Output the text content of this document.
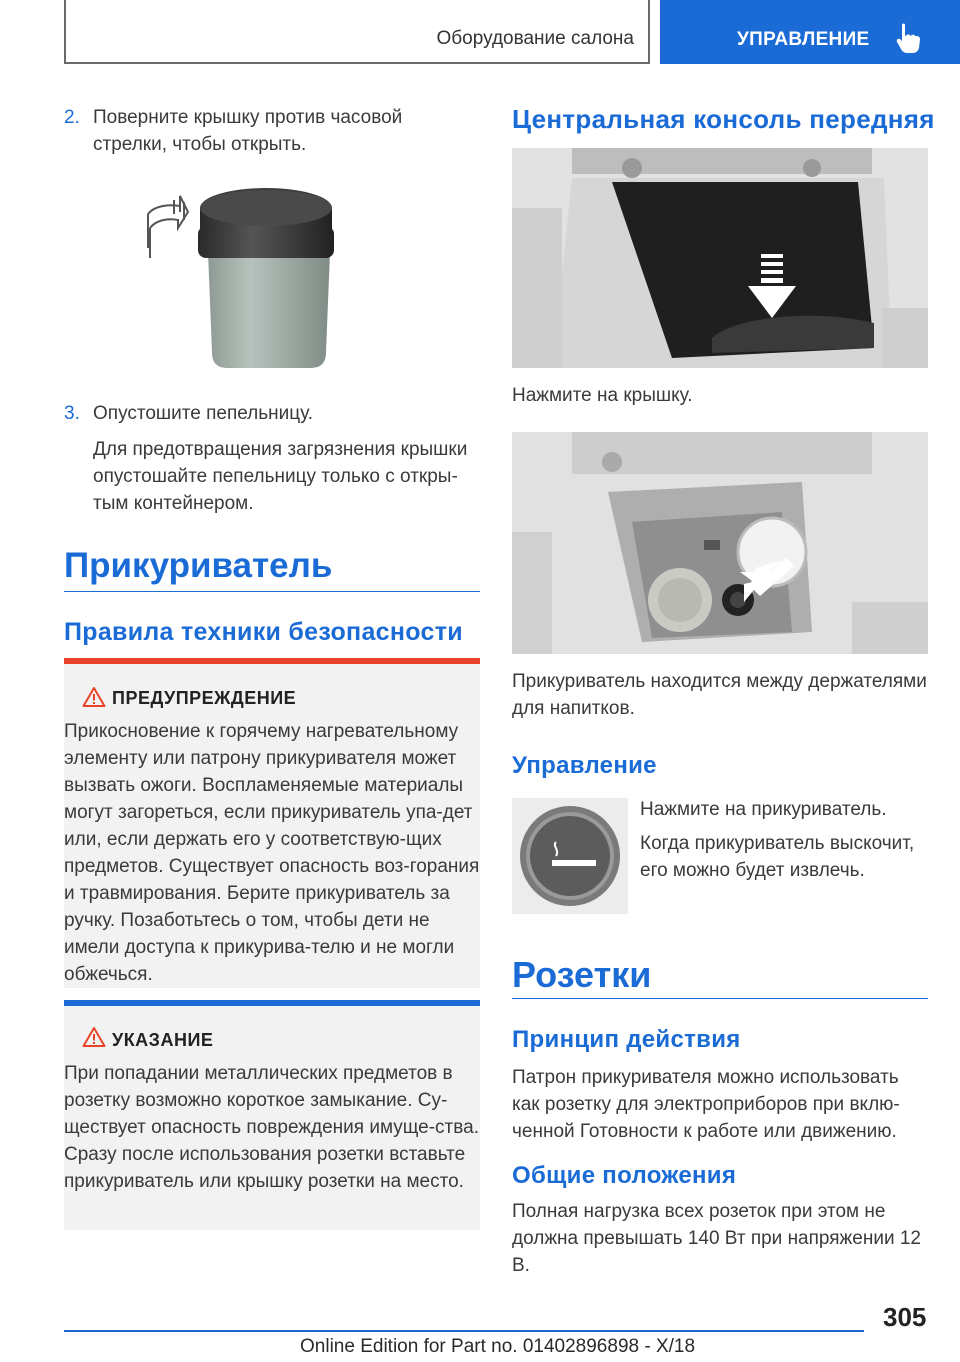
Оборудование салона	УПРАВЛЕНИЕ
2. Поверните крышку против часовой стрелки, чтобы открыть.
3. Опустошите пепельницу.
Для предотвращения загрязнения крышки опустошайте пепельницу только с откры-тым контейнером.
Прикуриватель
Правила техники безопасности
ПРЕДУПРЕЖДЕНИЕ
Прикосновение к горячему нагревательному элементу или патрону прикуривателя может вызвать ожоги. Воспламеняемые материалы могут загореться, если прикуриватель упа-дет или, если держать его у соответствую-щих предметов. Существует опасность воз-горания и травмирования. Берите прикуриватель за ручку. Позаботьтесь о том, чтобы дети не имели доступа к прикурива-телю и не могли обжечься.
УКАЗАНИЕ
При попадании металлических предметов в розетку возможно короткое замыкание. Су-ществует опасность повреждения имуще-ства. Сразу после использования розетки вставьте прикуриватель или крышку розетки на место.
Центральная консоль передняя
Нажмите на крышку.
Прикуриватель находится между держателями для напитков.
Управление
Нажмите на прикуриватель.
Когда прикуриватель выскочит, его можно будет извлечь.
Розетки
Принцип действия
Патрон прикуривателя можно использовать как розетку для электроприборов при вклю-ченной Готовности к работе или движению.
Общие положения
Полная нагрузка всех розеток при этом не должна превышать 140 Вт при напряжении 12 В.
305
Online Edition for Part no. 01402896898 - X/18
